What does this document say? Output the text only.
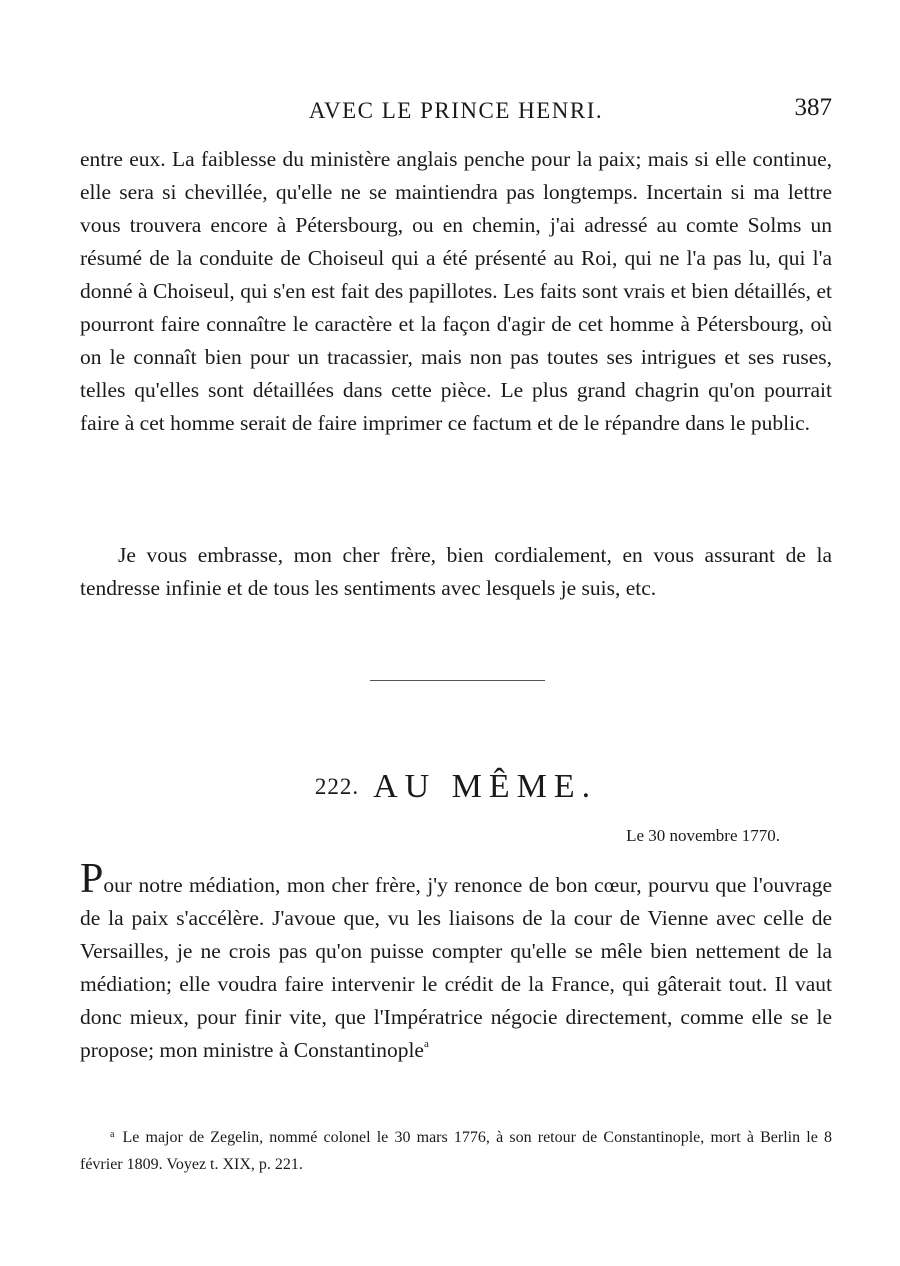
AVEC LE PRINCE HENRI.	387

entre eux. La faiblesse du ministère anglais penche pour la paix; mais si elle continue, elle sera si chevillée, qu'elle ne se maintiendra pas longtemps. Incertain si ma lettre vous trouvera encore à Pétersbourg, ou en chemin, j'ai adressé au comte Solms un résumé de la conduite de Choiseul qui a été présenté au Roi, qui ne l'a pas lu, qui l'a donné à Choiseul, qui s'en est fait des papillotes. Les faits sont vrais et bien détaillés, et pourront faire connaître le caractère et la façon d'agir de cet homme à Pétersbourg, où on le connaît bien pour un tracassier, mais non pas toutes ses intrigues et ses ruses, telles qu'elles sont détaillées dans cette pièce. Le plus grand chagrin qu'on pourrait faire à cet homme serait de faire imprimer ce factum et de le répandre dans le public.

Je vous embrasse, mon cher frère, bien cordialement, en vous assurant de la tendresse infinie et de tous les sentiments avec lesquels je suis, etc.

222. AU MÊME.
Le 30 novembre 1770.

Pour notre médiation, mon cher frère, j'y renonce de bon cœur, pourvu que l'ouvrage de la paix s'accélère. J'avoue que, vu les liaisons de la cour de Vienne avec celle de Versailles, je ne crois pas qu'on puisse compter qu'elle se mêle bien nettement de la médiation; elle voudra faire intervenir le crédit de la France, qui gâterait tout. Il vaut donc mieux, pour finir vite, que l'Impératrice négocie directement, comme elle se le propose; mon ministre à Constantinople$^a$

$^a$ Le major de Zegelin, nommé colonel le 30 mars 1776, à son retour de Constantinople, mort à Berlin le 8 février 1809. Voyez t. XIX, p. 221.
